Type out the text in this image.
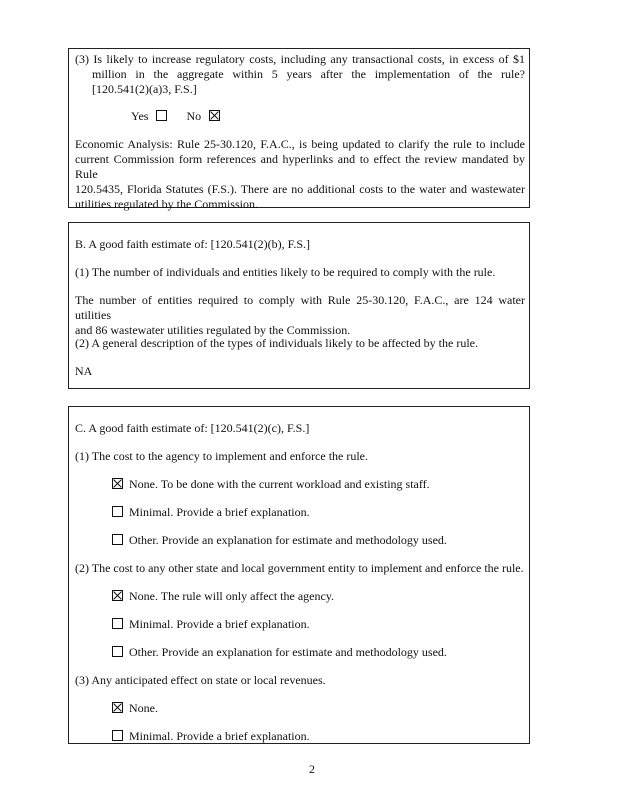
(3) Is likely to increase regulatory costs, including any transactional costs, in excess of $1
million in the aggregate within 5 years after the implementation of the rule?
[120.541(2)(a)3, F.S.]
Yes	No
Economic Analysis: Rule 25-30.120, F.A.C., is being updated to clarify the rule to include
current Commission form references and hyperlinks and to effect the review mandated by Rule
120.5435, Florida Statutes (F.S.). There are no additional costs to the water and wastewater
utilities regulated by the Commission.
B. A good faith estimate of: [120.541(2)(b), F.S.]
(1) The number of individuals and entities likely to be required to comply with the rule.
The number of entities required to comply with Rule 25-30.120, F.A.C., are 124 water utilities
and 86 wastewater utilities regulated by the Commission.
(2) A general description of the types of individuals likely to be affected by the rule.
NA
C. A good faith estimate of: [120.541(2)(c), F.S.]
(1) The cost to the agency to implement and enforce the rule.
None. To be done with the current workload and existing staff.
Minimal. Provide a brief explanation.
Other. Provide an explanation for estimate and methodology used.
(2) The cost to any other state and local government entity to implement and enforce the rule.
None. The rule will only affect the agency.
Minimal. Provide a brief explanation.
Other. Provide an explanation for estimate and methodology used.
(3) Any anticipated effect on state or local revenues.
None.
Minimal. Provide a brief explanation.
2
